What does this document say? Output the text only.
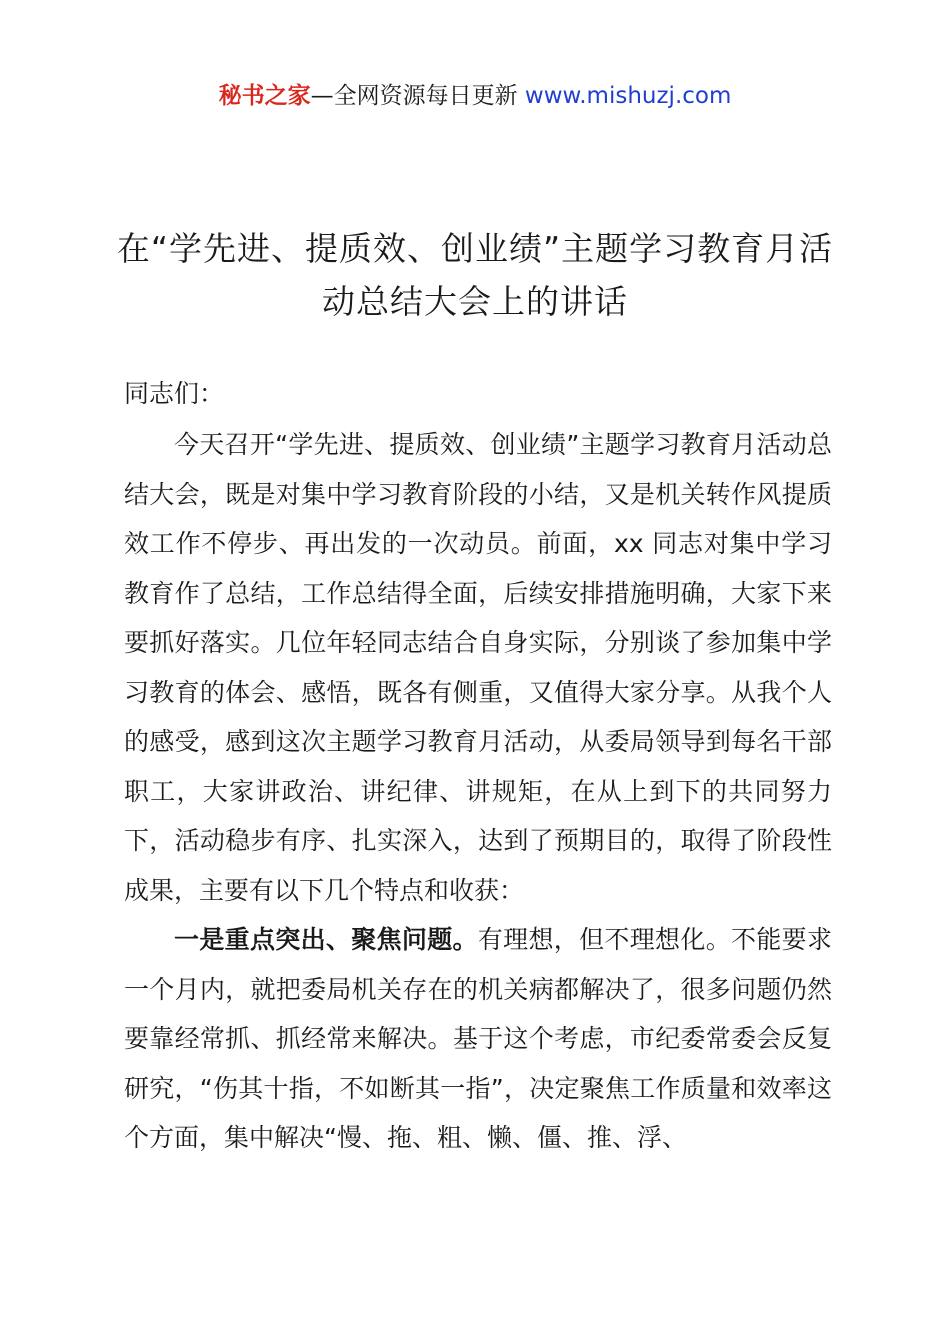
秘书之家—全网资源每日更新 www.mishuzj.com
在“学先进、提质效、创业绩”主题学习教育月活动总结大会上的讲话

同志们：

今天召开“学先进、提质效、创业绩”主题学习教育月活动总结大会，既是对集中学习教育阶段的小结，又是机关转作风提质效工作不停步、再出发的一次动员。前面，xx 同志对集中学习教育作了总结，工作总结得全面，后续安排措施明确，大家下来要抓好落实。几位年轻同志结合自身实际，分别谈了参加集中学习教育的体会、感悟，既各有侧重，又值得大家分享。从我个人的感受，感到这次主题学习教育月活动，从委局领导到每名干部职工，大家讲政治、讲纪律、讲规矩，在从上到下的共同努力下，活动稳步有序、扎实深入，达到了预期目的，取得了阶段性成果，主要有以下几个特点和收获：

一是重点突出、聚焦问题。有理想，但不理想化。不能要求一个月内，就把委局机关存在的机关病都解决了，很多问题仍然要靠经常抓、抓经常来解决。基于这个考虑，市纪委常委会反复研究，“伤其十指，不如断其一指”，决定聚焦工作质量和效率这个方面，集中解决“慢、拖、粗、懒、僵、推、浮、
